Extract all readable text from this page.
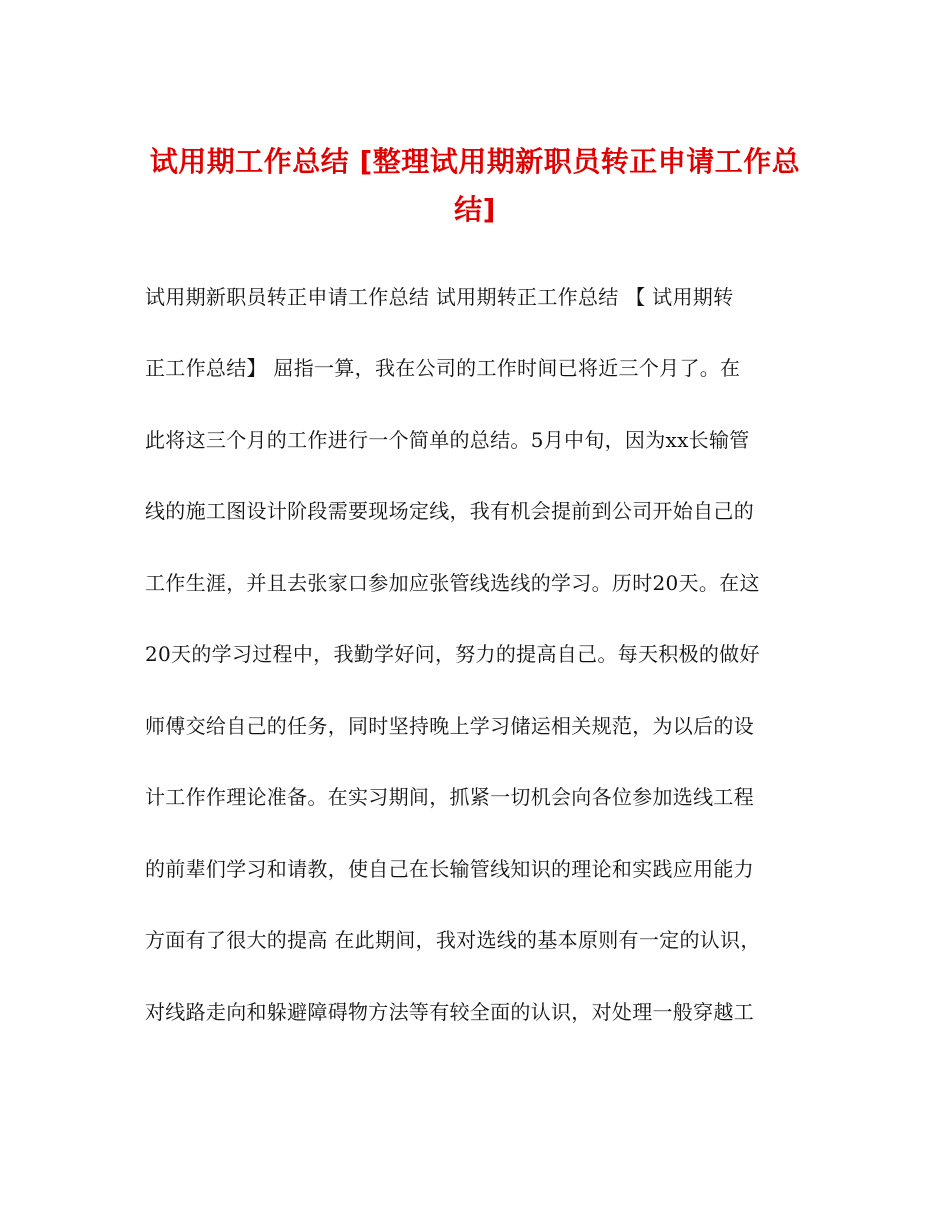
试用期工作总结 [整理试用期新职员转正申请工作总结]

试用期新职员转正申请工作总结 试用期转正工作总结 【 试用期转

正工作总结】 屈指一算，我在公司的工作时间已将近三个月了。在

此将这三个月的工作进行一个简单的总结。5月中旬，因为xx长输管

线的施工图设计阶段需要现场定线，我有机会提前到公司开始自己的

工作生涯，并且去张家口参加应张管线选线的学习。历时20天。在这

20天的学习过程中，我勤学好问，努力的提高自己。每天积极的做好

师傅交给自己的任务，同时坚持晚上学习储运相关规范，为以后的设

计工作作理论准备。在实习期间，抓紧一切机会向各位参加选线工程

的前辈们学习和请教，使自己在长输管线知识的理论和实践应用能力

方面有了很大的提高 在此期间，我对选线的基本原则有一定的认识，

对线路走向和躲避障碍物方法等有较全面的认识，对处理一般穿越工
